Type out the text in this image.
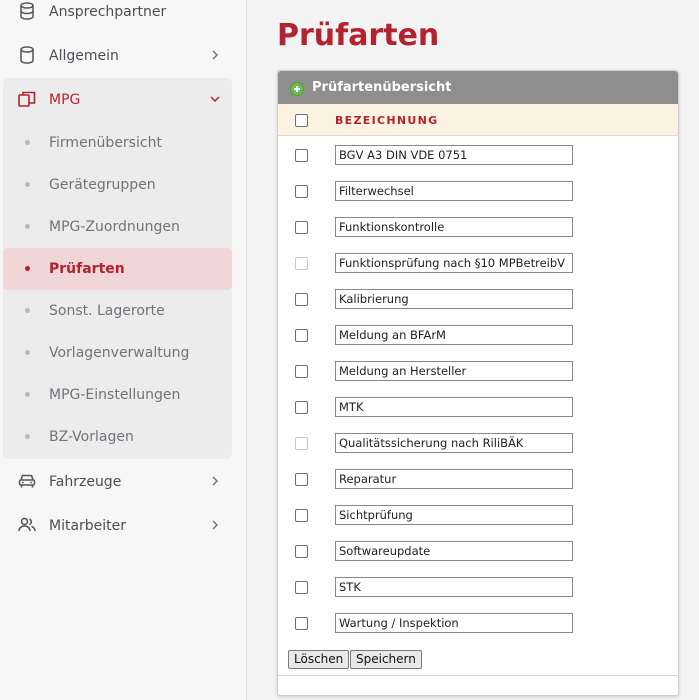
Ansprechpartner
Allgemein
MPG
Firmenübersicht
Gerätegruppen
MPG-Zuordnungen
Prüfarten
Sonst. Lagerorte
Vorlagenverwaltung
MPG-Einstellungen
BZ-Vorlagen
Fahrzeuge
Mitarbeiter
Prüfarten
Prüfartenübersicht
BEZEICHNUNG
BGV A3 DIN VDE 0751
Filterwechsel
Funktionskontrolle
Funktionsprüfung nach §10 MPBetreibV
Kalibrierung
Meldung an BFArM
Meldung an Hersteller
MTK
Qualitätssicherung nach RiliBÄK
Reparatur
Sichtprüfung
Softwareupdate
STK
Wartung / Inspektion
Löschen	Speichern
